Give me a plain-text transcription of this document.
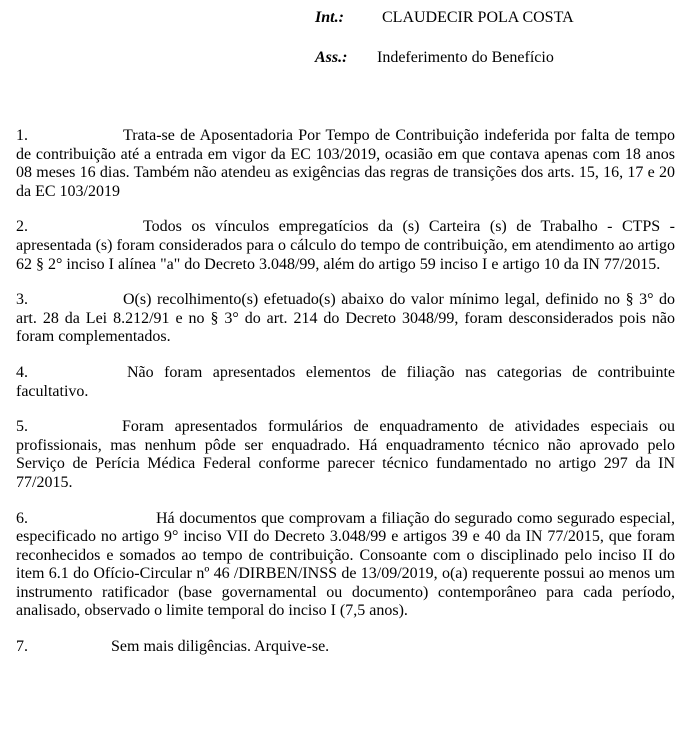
Int.: CLAUDECIR POLA COSTA
Ass.: Indeferimento do Benefício

1.	Trata-se de Aposentadoria Por Tempo de Contribuição indeferida por falta de tempo de contribuição até a entrada em vigor da EC 103/2019, ocasião em que contava apenas com 18 anos 08 meses 16 dias. Também não atendeu as exigências das regras de transições dos arts. 15, 16, 17 e 20 da EC 103/2019

2.	Todos os vínculos empregatícios da (s) Carteira (s) de Trabalho - CTPS - apresentada (s) foram considerados para o cálculo do tempo de contribuição, em atendimento ao artigo 62 § 2° inciso I alínea "a" do Decreto 3.048/99, além do artigo 59 inciso I e artigo 10 da IN 77/2015.

3.	O(s) recolhimento(s) efetuado(s) abaixo do valor mínimo legal, definido no § 3° do art. 28 da Lei 8.212/91 e no § 3° do art. 214 do Decreto 3048/99, foram desconsiderados pois não foram complementados.

4.	Não foram apresentados elementos de filiação nas categorias de contribuinte facultativo.

5.	Foram apresentados formulários de enquadramento de atividades especiais ou profissionais, mas nenhum pôde ser enquadrado. Há enquadramento técnico não aprovado pelo Serviço de Perícia Médica Federal conforme parecer técnico fundamentado no artigo 297 da IN 77/2015.

6.	Há documentos que comprovam a filiação do segurado como segurado especial, especificado no artigo 9° inciso VII do Decreto 3.048/99 e artigos 39 e 40 da IN 77/2015, que foram reconhecidos e somados ao tempo de contribuição. Consoante com o disciplinado pelo inciso II do item 6.1 do Ofício-Circular nº 46 /DIRBEN/INSS de 13/09/2019, o(a) requerente possui ao menos um instrumento ratificador (base governamental ou documento) contemporâneo para cada período, analisado, observado o limite temporal do inciso I (7,5 anos).

7.	Sem mais diligências. Arquive-se.
